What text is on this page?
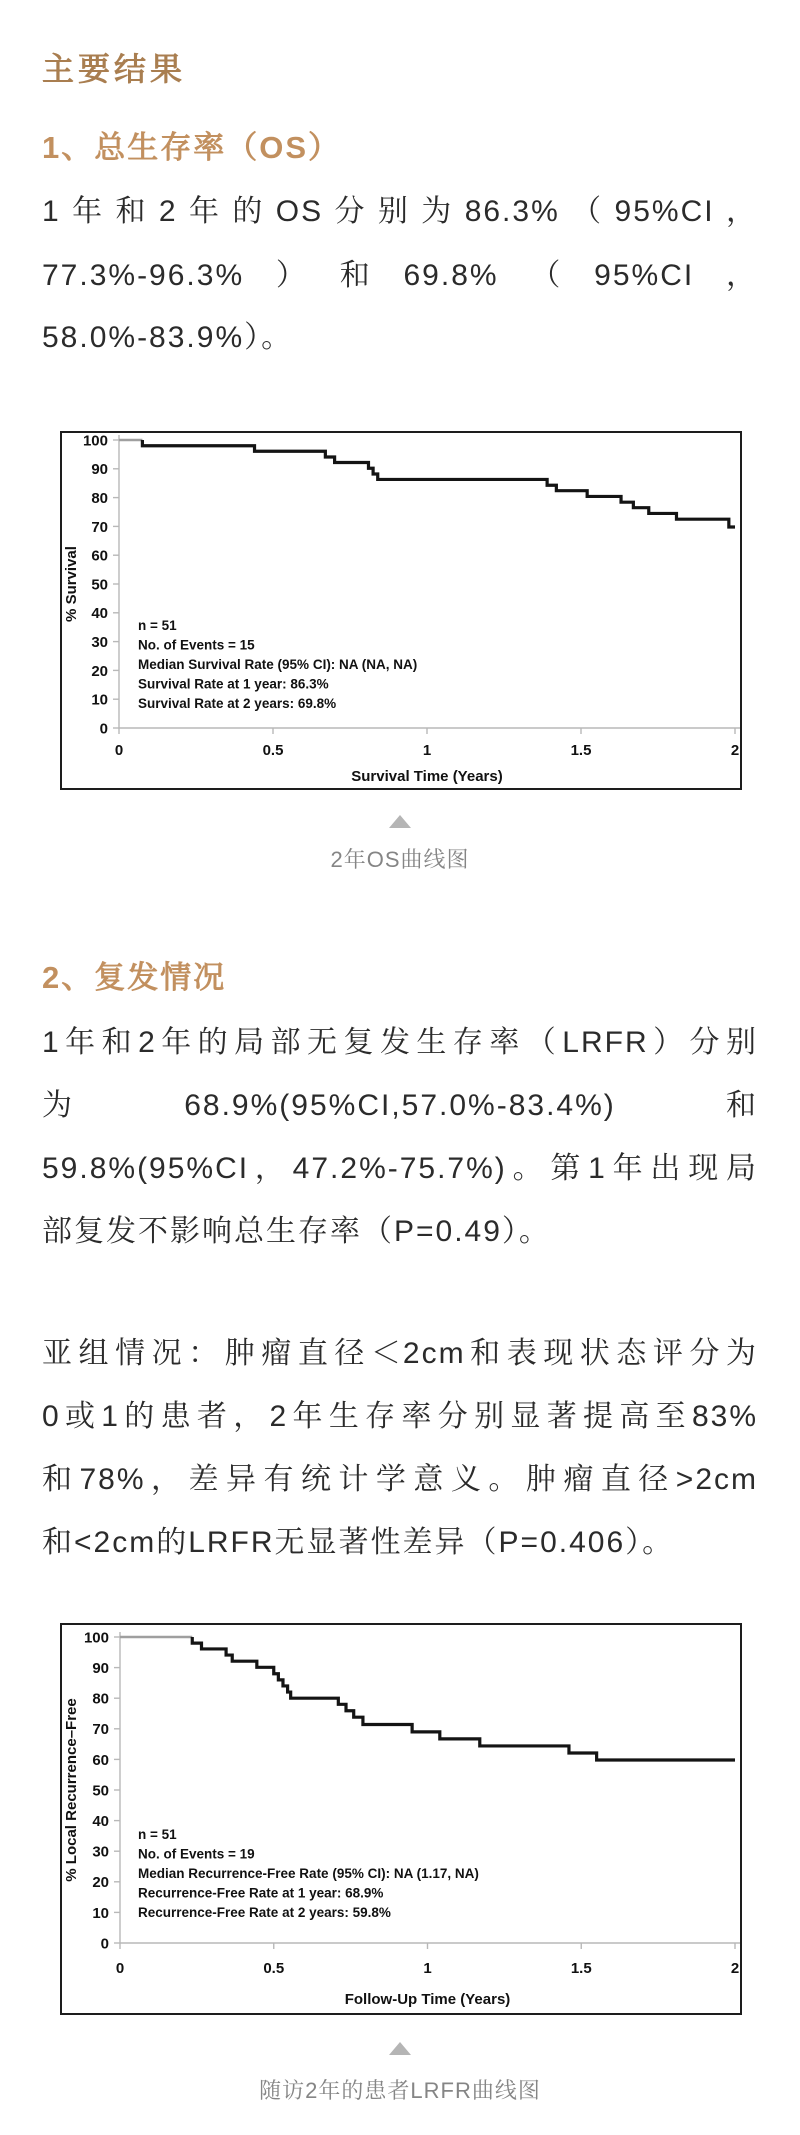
主要结果
1、总生存率（OS）
1年和2年的OS分别为86.3%（95%CI，
77.3%-96.3%）和69.8%（95%CI，
58.0%-83.9%）。
0
10
20
30
40
50
60
70
80
90
100
0	0.5	1	1.5	2
% Survival
Survival Time (Years)
n = 51
No. of Events = 15
Median Survival Rate (95% CI): NA (NA, NA)
Survival Rate at 1 year: 86.3%
Survival Rate at 2 years: 69.8%
2年OS曲线图
2、复发情况
1年和2年的局部无复发生存率（LRFR）分别
为68.9%(95%CI,57.0%-83.4%)和
59.8%(95%CI，47.2%-75.7%)。第1年出现局
部复发不影响总生存率（P=0.49）。
亚组情况：肿瘤直径＜2cm和表现状态评分为
0或1的患者，2年生存率分别显著提高至83%
和78%，差异有统计学意义。肿瘤直径>2cm
和<2cm的LRFR无显著性差异（P=0.406）。
0
10
20
30
40
50
60
70
80
90
100
0	0.5	1	1.5	2
% Local Recurrence–Free
Follow-Up Time (Years)
n = 51
No. of Events = 19
Median Recurrence-Free Rate (95% CI): NA (1.17, NA)
Recurrence-Free Rate at 1 year: 68.9%
Recurrence-Free Rate at 2 years: 59.8%
随访2年的患者LRFR曲线图
